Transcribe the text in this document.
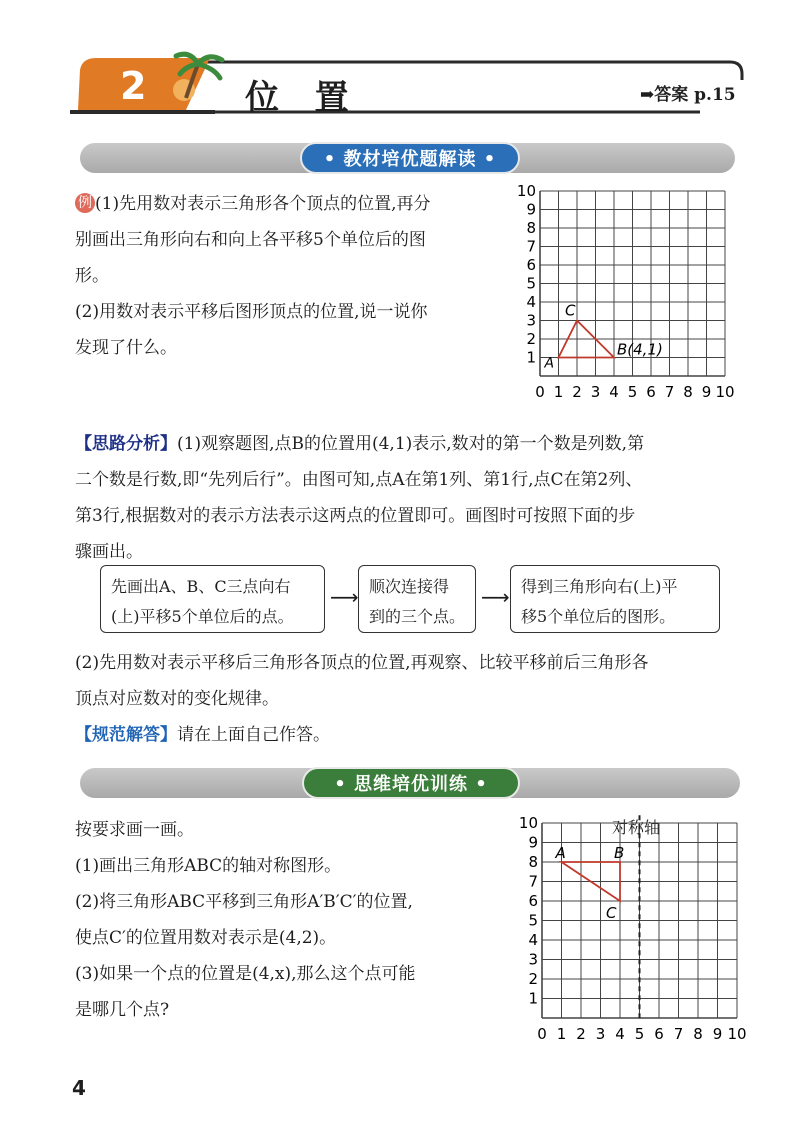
2	位  置	➡答案 p.15
• 教材培优题解读 •

例 (1)先用数对表示三角形各个顶点的位置,再分

别画出三角形向右和向上各平移5个单位后的图

形。

(2)用数对表示平移后图形顶点的位置,说一说你

发现了什么。

10
9
8
7
6
5
4
3
2
1
0 1 2 3 4 5 6 7 8 9 10
A
B(4,1)
C

【思路分析】(1)观察题图,点B的位置用(4,1)表示,数对的第一个数是列数,第

二个数是行数,即“先列后行”。由图可知,点A在第1列、第1行,点C在第2列、

第3行,根据数对的表示方法表示这两点的位置即可。画图时可按照下面的步

骤画出。

先画出A、B、C三点向右
(上)平移5个单位后的点。
⟶ 顺次连接得
到的三个点。
⟶ 得到三角形向右(上)平
移5个单位后的图形。

(2)先用数对表示平移后三角形各顶点的位置,再观察、比较平移前后三角形各

顶点对应数对的变化规律。

【规范解答】请在上面自己作答。

• 思维培优训练 •

按要求画一画。

(1)画出三角形ABC的轴对称图形。

(2)将三角形ABC平移到三角形A′B′C′的位置,

使点C′的位置用数对表示是(4,2)。

(3)如果一个点的位置是(4,x),那么这个点可能

是哪几个点?

对称轴
10
9
8
7
6
5
4
3
2
1
0 1 2 3 4 5 6 7 8 9 10
A	B
C
4
